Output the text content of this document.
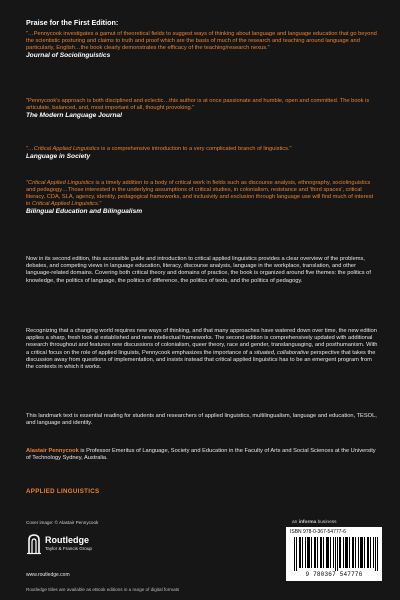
Praise for the First Edition:

"…Pennycook investigates a gamut of theoretical fields to suggest ways of thinking about language and language education that go beyond the scientistic posturing and claims to truth and proof which are the basis of much of the research and teaching around language and particularly, English…the book clearly demonstrates the efficacy of the teaching/research nexus."

Journal of Sociolinguistics

"Pennycook's approach is both disciplined and eclectic…this author is at once passionate and humble, open and committed. The book is articulate, balanced, and, most important of all, thought provoking."

The Modern Language Journal

"…Critical Applied Linguistics is a comprehensive introduction to a very complicated branch of linguistics."

Language in Society

"Critical Applied Linguistics is a timely addition to a body of critical work in fields such as discourse analysis, ethnography, sociolinguistics and pedagogy…Those interested in the underlying assumptions of critical studies, in colonialism, resistance and 'third spaces', critical literacy, CDA, SLA, agency, identity, pedagogical frameworks, and inclusivity and exclusion through language use will find much of interest in Critical Applied Linguistics."

Bilingual Education and Bilingualism

Now in its second edition, this accessible guide and introduction to critical applied linguistics provides a clear overview of the problems, debates, and competing views in language education, literacy, discourse analysis, language in the workplace, translation, and other language-related domains. Covering both critical theory and domains of practice, the book is organized around five themes: the politics of knowledge, the politics of language, the politics of difference, the politics of texts, and the politics of pedagogy.

Recognizing that a changing world requires new ways of thinking, and that many approaches have watered down over time, the new edition applies a sharp, fresh look at established and new intellectual frameworks. The second edition is comprehensively updated with additional research throughout and features new discussions of colonialism, queer theory, race and gender, translanguaging, and posthumanism. With a critical focus on the role of applied linguists, Pennycook emphasizes the importance of a situated, collaborative perspective that takes the discussion away from questions of implementation, and insists instead that critical applied linguistics has to be an emergent program from the contexts in which it works.

This landmark text is essential reading for students and researchers of applied linguistics, multilingualism, language and education, TESOL, and language and identity.

Alastair Pennycook is Professor Emeritus of Language, Society and Education in the Faculty of Arts and Social Sciences at the University of Technology Sydney, Australia.
APPLIED LINGUISTICS
Cover image: © Alastair Pennycook
Routledge
Taylor & Francis Group
www.routledge.com
Routledge titles are available as eBook editions in a range of digital formats
an informa business
ISBN 978-0-367-54777-6
9 780367 547776
